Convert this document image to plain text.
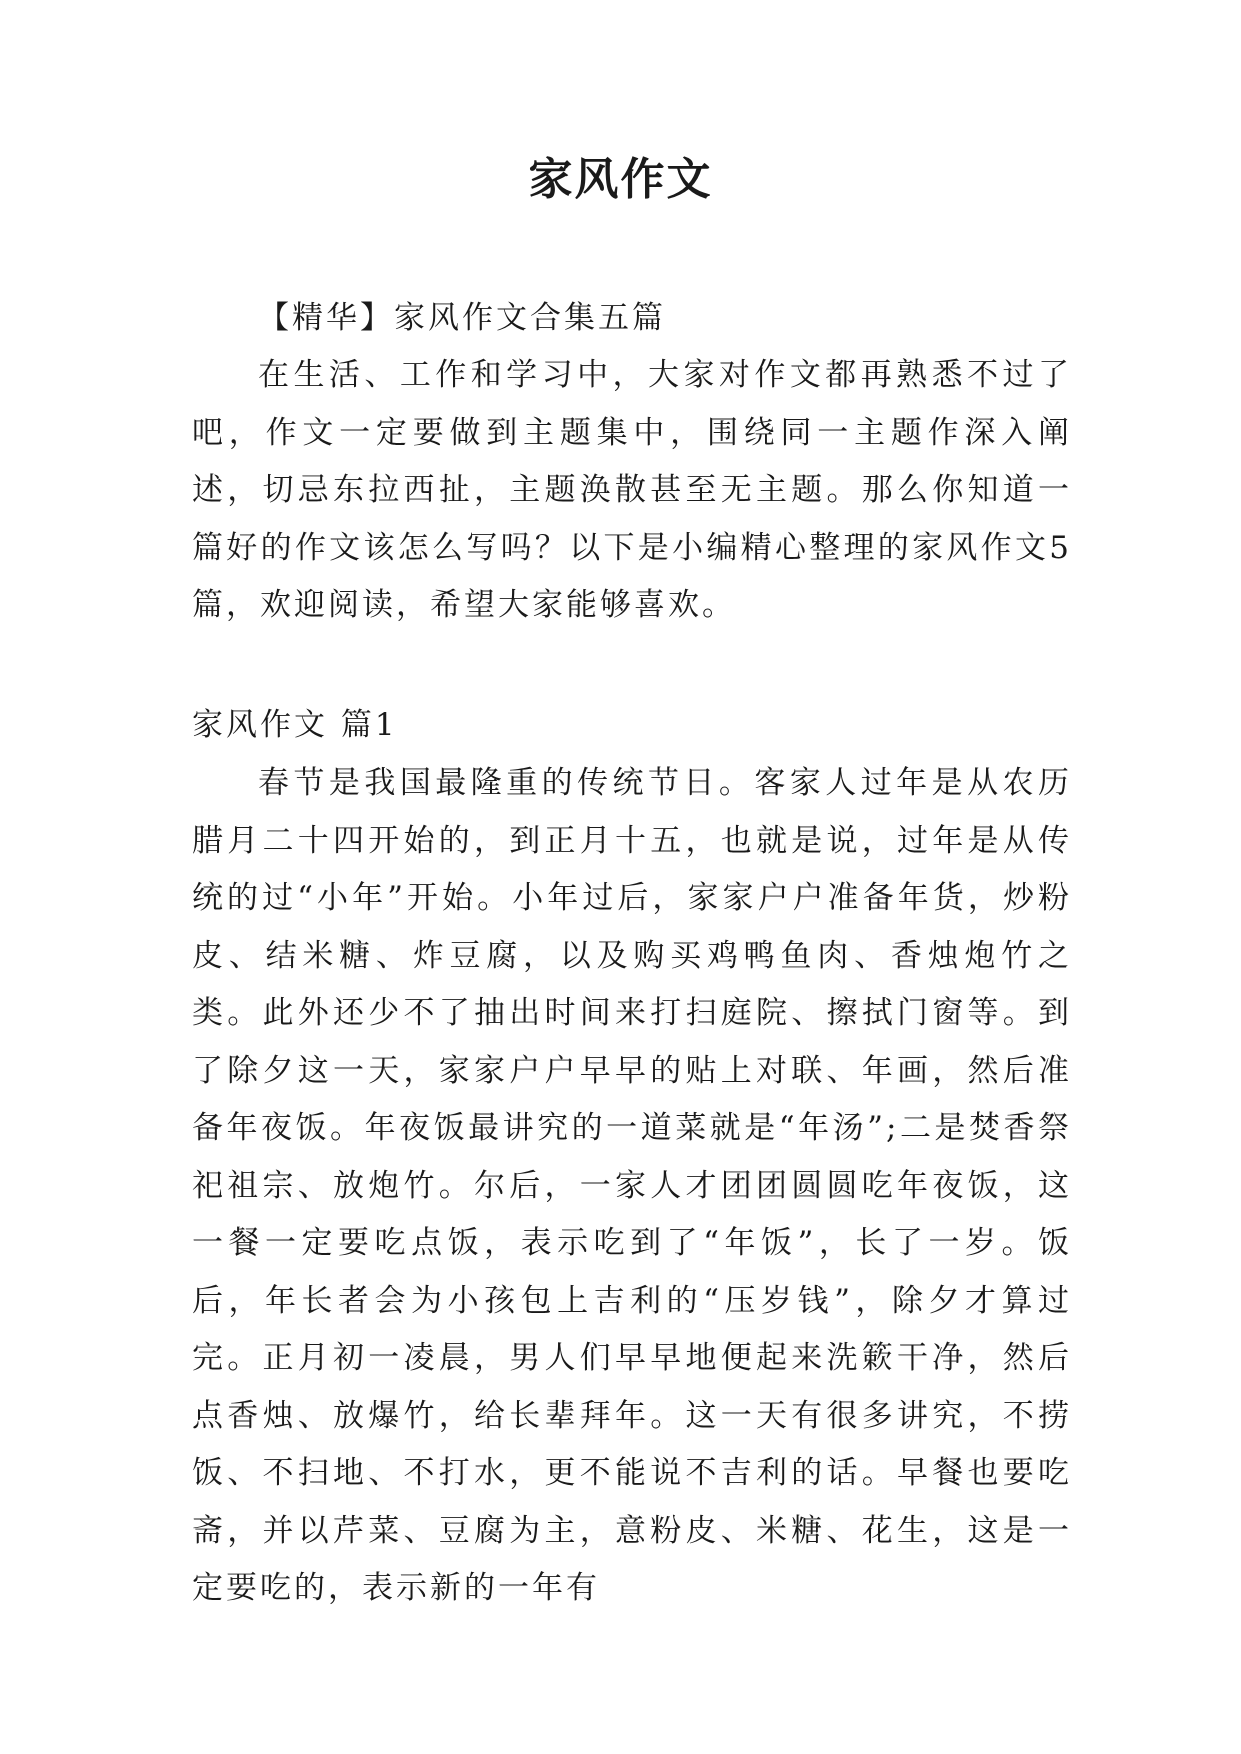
家风作文
【精华】家风作文合集五篇

在生活、工作和学习中，大家对作文都再熟悉不过了吧，作文一定要做到主题集中，围绕同一主题作深入阐述，切忌东拉西扯，主题涣散甚至无主题。那么你知道一篇好的作文该怎么写吗？以下是小编精心整理的家风作文5篇，欢迎阅读，希望大家能够喜欢。

家风作文 篇1

春节是我国最隆重的传统节日。客家人过年是从农历腊月二十四开始的，到正月十五，也就是说，过年是从传统的过“小年”开始。小年过后，家家户户准备年货，炒粉皮、结米糖、炸豆腐，以及购买鸡鸭鱼肉、香烛炮竹之类。此外还少不了抽出时间来打扫庭院、擦拭门窗等。到了除夕这一天，家家户户早早的贴上对联、年画，然后准备年夜饭。年夜饭最讲究的一道菜就是“年汤”;二是焚香祭祀祖宗、放炮竹。尔后，一家人才团团圆圆吃年夜饭，这一餐一定要吃点饭，表示吃到了“年饭”，长了一岁。饭后，年长者会为小孩包上吉利的“压岁钱”，除夕才算过完。正月初一凌晨，男人们早早地便起来洗簌干净，然后点香烛、放爆竹，给长辈拜年。这一天有很多讲究，不捞饭、不扫地、不打水，更不能说不吉利的话。早餐也要吃斋，并以芹菜、豆腐为主，意粉皮、米糖、花生，这是一定要吃的，表示新的一年有
